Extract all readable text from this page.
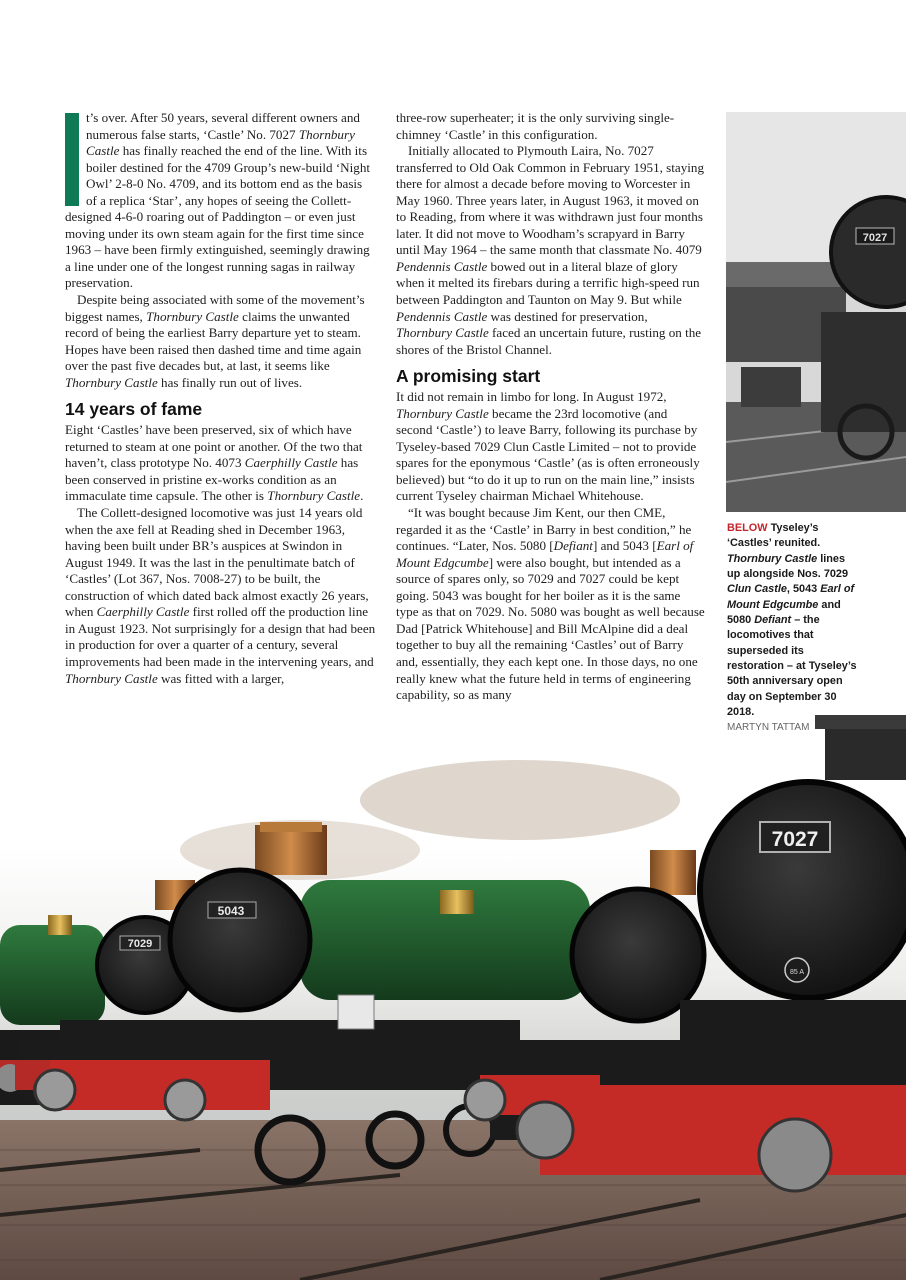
7029
5043
7027
85 A
7027

t’s over. After 50 years, several different owners and numerous false starts, ‘Castle’ No. 7027 Thornbury Castle has finally reached the end of the line. With its boiler destined for the 4709 Group’s new-build ‘Night Owl’ 2-8-0 No. 4709, and its bottom end as the basis of a replica ‘Star’, any hopes of seeing the Collett-designed 4-6-0 roaring out of Paddington – or even just moving under its own steam again for the first time since 1963 – have been firmly extinguished, seemingly drawing a line under one of the longest running sagas in railway preservation.

Despite being associated with some of the movement’s biggest names, Thornbury Castle claims the unwanted record of being the earliest Barry departure yet to steam. Hopes have been raised then dashed time and time again over the past five decades but, at last, it seems like Thornbury Castle has finally run out of lives.

14 years of fame

Eight ‘Castles’ have been preserved, six of which have returned to steam at one point or another. Of the two that haven’t, class prototype No. 4073 Caerphilly Castle has been conserved in pristine ex-works condition as an immaculate time capsule. The other is Thornbury Castle.

The Collett-designed locomotive was just 14 years old when the axe fell at Reading shed in December 1963, having been built under BR’s auspices at Swindon in August 1949. It was the last in the penultimate batch of ‘Castles’ (Lot 367, Nos. 7008-27) to be built, the construction of which dated back almost exactly 26 years, when Caerphilly Castle first rolled off the production line in August 1923. Not surprisingly for a design that had been in production for over a quarter of a century, several improvements had been made in the intervening years, and Thornbury Castle was fitted with a larger,

three-row superheater; it is the only surviving single-chimney ‘Castle’ in this configuration.

Initially allocated to Plymouth Laira, No. 7027 transferred to Old Oak Common in February 1951, staying there for almost a decade before moving to Worcester in May 1960. Three years later, in August 1963, it moved on to Reading, from where it was withdrawn just four months later. It did not move to Woodham’s scrapyard in Barry until May 1964 – the same month that classmate No. 4079 Pendennis Castle bowed out in a literal blaze of glory when it melted its firebars during a terrific high-speed run between Paddington and Taunton on May 9. But while Pendennis Castle was destined for preservation, Thornbury Castle faced an uncertain future, rusting on the shores of the Bristol Channel.

A promising start

It did not remain in limbo for long. In August 1972, Thornbury Castle became the 23rd locomotive (and second ‘Castle’) to leave Barry, following its purchase by Tyseley-based 7029 Clun Castle Limited – not to provide spares for the eponymous ‘Castle’ (as is often erroneously believed) but “to do it up to run on the main line,” insists current Tyseley chairman Michael Whitehouse.

“It was bought because Jim Kent, our then CME, regarded it as the ‘Castle’ in Barry in best condition,” he continues. “Later, Nos. 5080 [Defiant] and 5043 [Earl of Mount Edgcumbe] were also bought, but intended as a source of spares only, so 7029 and 7027 could be kept going. 5043 was bought for her boiler as it is the same type as that on 7029. No. 5080 was bought as well because Dad [Patrick Whitehouse] and Bill McAlpine did a deal together to buy all the remaining ‘Castles’ out of Barry and, essentially, they each kept one. In those days, no one really knew what the future held in terms of engineering capability, so as many

BELOW Tyseley’s ‘Castles’ reunited. Thornbury Castle lines up alongside Nos. 7029 Clun Castle, 5043 Earl of Mount Edgcumbe and 5080 Defiant – the locomotives that superseded its restoration – at Tyseley’s 50th anniversary open day on September 30 2018.
MARTYN TATTAM
